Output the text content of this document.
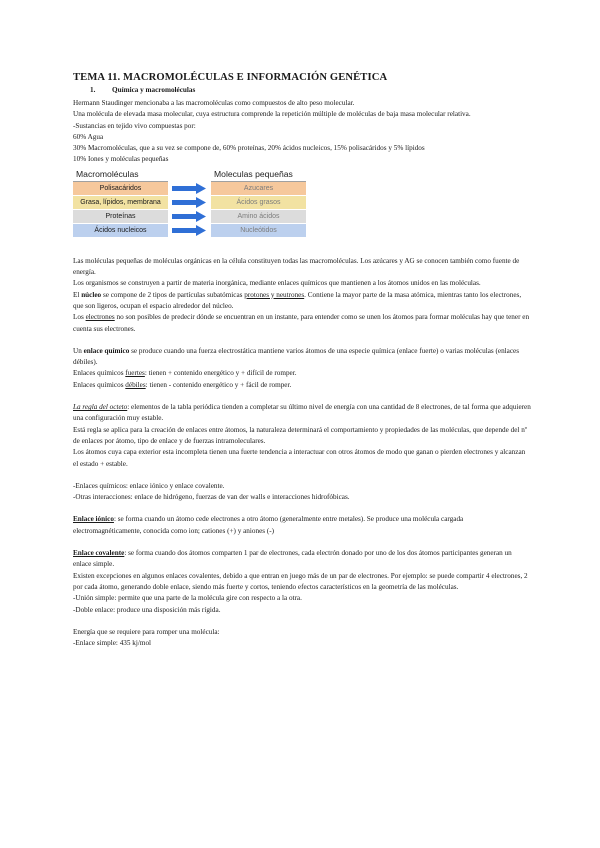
TEMA 11. MACROMOLÉCULAS E INFORMACIÓN GENÉTICA
1. Química y macromoléculas

Hermann Staudinger mencionaba a las macromoléculas como compuestos de alto peso molecular.

Una molécula de elevada masa molecular, cuya estructura comprende la repetición múltiple de moléculas de baja masa molecular relativa.

-Sustancias en tejido vivo compuestas por:

60% Agua

30% Macromoléculas, que a su vez se compone de, 60% proteínas, 20% ácidos nucleicos, 15% polisacáridos y 5% lípidos

10% Iones y moléculas pequeñas

Macromoléculas
Polisacáridos
Grasa, lípidos, membrana
Proteínas
Ácidos nucleicos
Moleculas pequeñas
Azucares
Ácidos grasos
Amino ácidos
Nucleótidos

Las moléculas pequeñas de moléculas orgánicas en la célula constituyen todas las macromoléculas. Los azúcares y AG se conocen también como fuente de energía.

Los organismos se construyen a partir de materia inorgánica, mediante enlaces químicos que mantienen a los átomos unidos en las moléculas.

El núcleo se compone de 2 tipos de partículas subatómicas protones y neutrones. Contiene la mayor parte de la masa atómica, mientras tanto los electrones, que son ligeros, ocupan el espacio alrededor del núcleo.

Los electrones no son posibles de predecir dónde se encuentran en un instante, para entender como se unen los átomos para formar moléculas hay que tener en cuenta sus electrones.

Un enlace químico se produce cuando una fuerza electrostática mantiene varios átomos de una especie química (enlace fuerte) o varias moléculas (enlaces débiles).

Enlaces químicos fuertes: tienen + contenido energético y + difícil de romper.

Enlaces químicos débiles: tienen - contenido energético y + fácil de romper.

La regla del octeto: elementos de la tabla periódica tienden a completar su último nivel de energía con una cantidad de 8 electrones, de tal forma que adquieren una configuración muy estable.

Está regla se aplica para la creación de enlaces entre átomos, la naturaleza determinará el comportamiento y propiedades de las moléculas, que depende del nº de enlaces por átomo, tipo de enlace y de fuerzas intramoleculares.

Los átomos cuya capa exterior esta incompleta tienen una fuerte tendencia a interactuar con otros átomos de modo que ganan o pierden electrones y alcanzan el estado + estable.

-Enlaces químicos: enlace iónico y enlace covalente.

-Otras interacciones: enlace de hidrógeno, fuerzas de van der walls e interacciones hidrofóbicas.

Enlace iónico: se forma cuando un átomo cede electrones a otro átomo (generalmente entre metales). Se produce una molécula cargada electromagnéticamente, conocida como ion; cationes (+) y aniones (-)

Enlace covalente: se forma cuando dos átomos comparten 1 par de electrones, cada electrón donado por uno de los dos átomos participantes generan un enlace simple.

Existen excepciones en algunos enlaces covalentes, debido a que entran en juego más de un par de electrones. Por ejemplo: se puede compartir 4 electrones, 2 por cada átomo, generando doble enlace, siendo más fuerte y cortos, teniendo efectos característicos en la geometría de las moléculas.

-Unión simple: permite que una parte de la molécula gire con respecto a la otra.

-Doble enlace: produce una disposición más rígida.

Energía que se requiere para romper una molécula:

-Enlace simple: 435 kj/mol
